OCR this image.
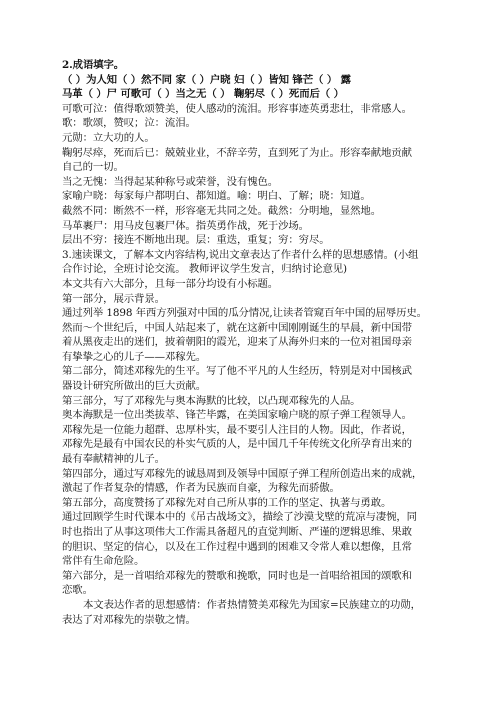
2.成语填字。
（ ）为人知（ ）然不同 家（ ）户晓 妇（ ）皆知 锋芒（ ） 露
马革（ ）尸 可歌可（ ）当之无（ ） 鞠躬尽（ ）死而后（ ）
可歌可泣：值得歌颂赞美，使人感动的流泪。形容事迹英勇悲壮，非常感人。
歌：歌颂，赞叹；泣：流泪。
元勋：立大功的人。
鞠躬尽瘁，死而后已：兢兢业业，不辞辛劳，直到死了为止。形容奉献地贡献
自己的一切。
当之无愧：当得起某种称号或荣誉，没有愧色。
家喻户晓：每家每户都明白、都知道。喻：明白、了解；晓：知道。
截然不同：断然不一样，形容毫无共同之处。截然：分明地，显然地。
马革裹尸：用马皮包裹尸体。指英勇作战，死于沙场。
层出不穷：接连不断地出现。层：重迭，重复；穷：穷尽。
3.速读课文，了解本文内容结构,说出文章表达了作者什么样的思想感情。(小组
合作讨论，全班讨论交流。 教师评议学生发言，归纳讨论意见)
本文共有六大部分，且每一部分均设有小标题。
第一部分，展示背景。
通过列举 1898 年西方列强对中国的瓜分情况,让读者管窥百年中国的屈辱历史。
然而～个世纪后，中国人站起来了，就在这新中国刚刚诞生的早晨，新中国带
着从黑夜走出的迷们，披着朝阳的霞光，迎来了从海外归来的一位对祖国母亲
有挚挚之心的儿子——邓稼先。
第二部分，简述邓稼先的生平。写了他不平凡的人生经历，特别是对中国核武
器设计研究所做出的巨大贡献。
第三部分，写了邓稼先与奥本海默的比较，以凸现邓稼先的人品。
奥本海默是一位出类拔萃、锋芒毕露，在美国家喻户晓的原子弹工程领导人。
邓稼先是一位能力超群、忠厚朴实，最不要引人注目的人物。因此，作者说，
邓稼先是最有中国农民的朴实气质的人，是中国几千年传统文化所孕育出来的
最有奉献精神的儿子。
第四部分，通过写邓稼先的诚恳周到及领导中国原子弹工程所创造出来的成就，
激起了作者复杂的情感，作者为民族而自豪，为稼先而骄傲。
第五部分，高度赞扬了邓稼先对自己所从事的工作的坚定、执著与勇敢。
通过回顾学生时代课本中的《吊古战场文》，描绘了沙漠戈壁的荒凉与凄惋，同
时也指出了从事这项伟大工作需具备超凡的直觉判断、严谨的逻辑思维、果敢
的胆识、坚定的信心，以及在工作过程中遇到的困难又令常人难以想像，且常
常伴有生命危险。
第六部分，是一首唱给邓稼先的赞歌和挽歌，同时也是一首唱给祖国的颂歌和
恋歌。
本文表达作者的思想感情：作者热情赞美邓稼先为国家=民族建立的功勋，
表达了对邓稼先的崇敬之情。
